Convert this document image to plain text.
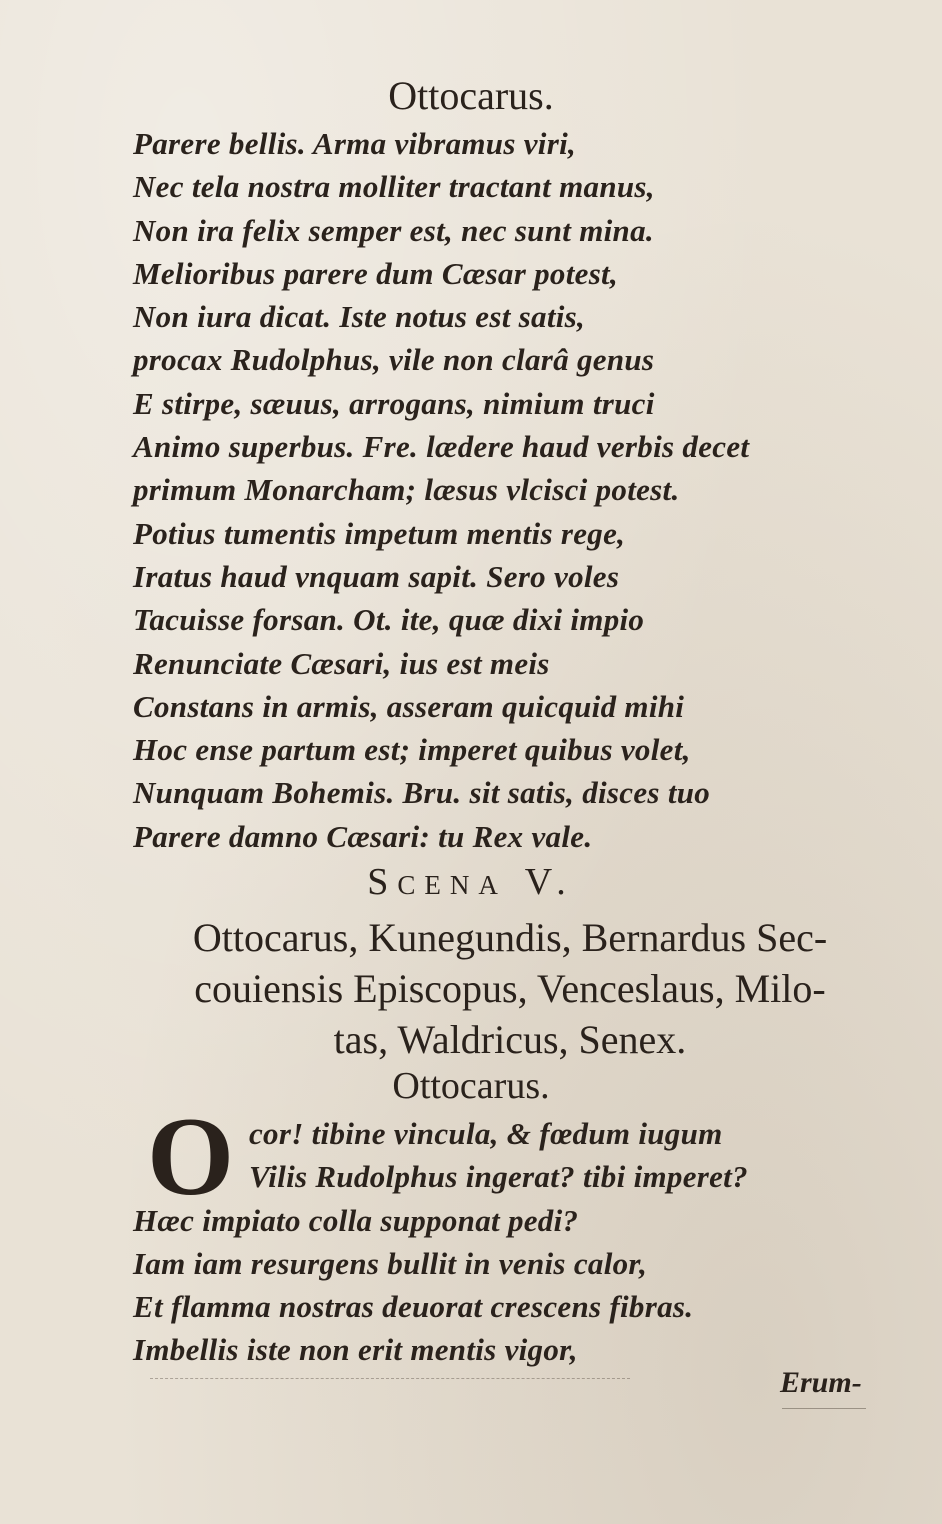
Ottocarus.
Parere bellis. Arma vibramus viri,
Nec tela nostra molliter tractant manus,
Non ira felix semper est, nec sunt mina.
Melioribus parere dum Cæsar potest,
Non iura dicat. Iste notus est satis,
procax Rudolphus, vile non clarâ genus
E stirpe, sæuus, arrogans, nimium truci
Animo superbus. Fre. lædere haud verbis decet
primum Monarcham; læsus vlcisci potest.
Potius tumentis impetum mentis rege,
Iratus haud vnquam sapit. Sero voles
Tacuisse forsan. Ot. ite, quæ dixi impio
Renunciate Cæsari, ius est meis
Constans in armis, asseram quicquid mihi
Hoc ense partum est; imperet quibus volet,
Nunquam Bohemis. Bru. sit satis, disces tuo
Parere damno Cæsari: tu Rex vale.
Scena V.
Ottocarus, Kunegundis, Bernardus Sec-
couiensis Episcopus, Venceslaus, Milo-
tas, Waldricus, Senex.
Ottocarus.
O cor! tibine vincula, & fœdum iugum
Vilis Rudolphus ingerat? tibi imperet?
Hæc impiato colla supponat pedi?
Iam iam resurgens bullit in venis calor,
Et flamma nostras deuorat crescens fibras.
Imbellis iste non erit mentis vigor,
Erum-
